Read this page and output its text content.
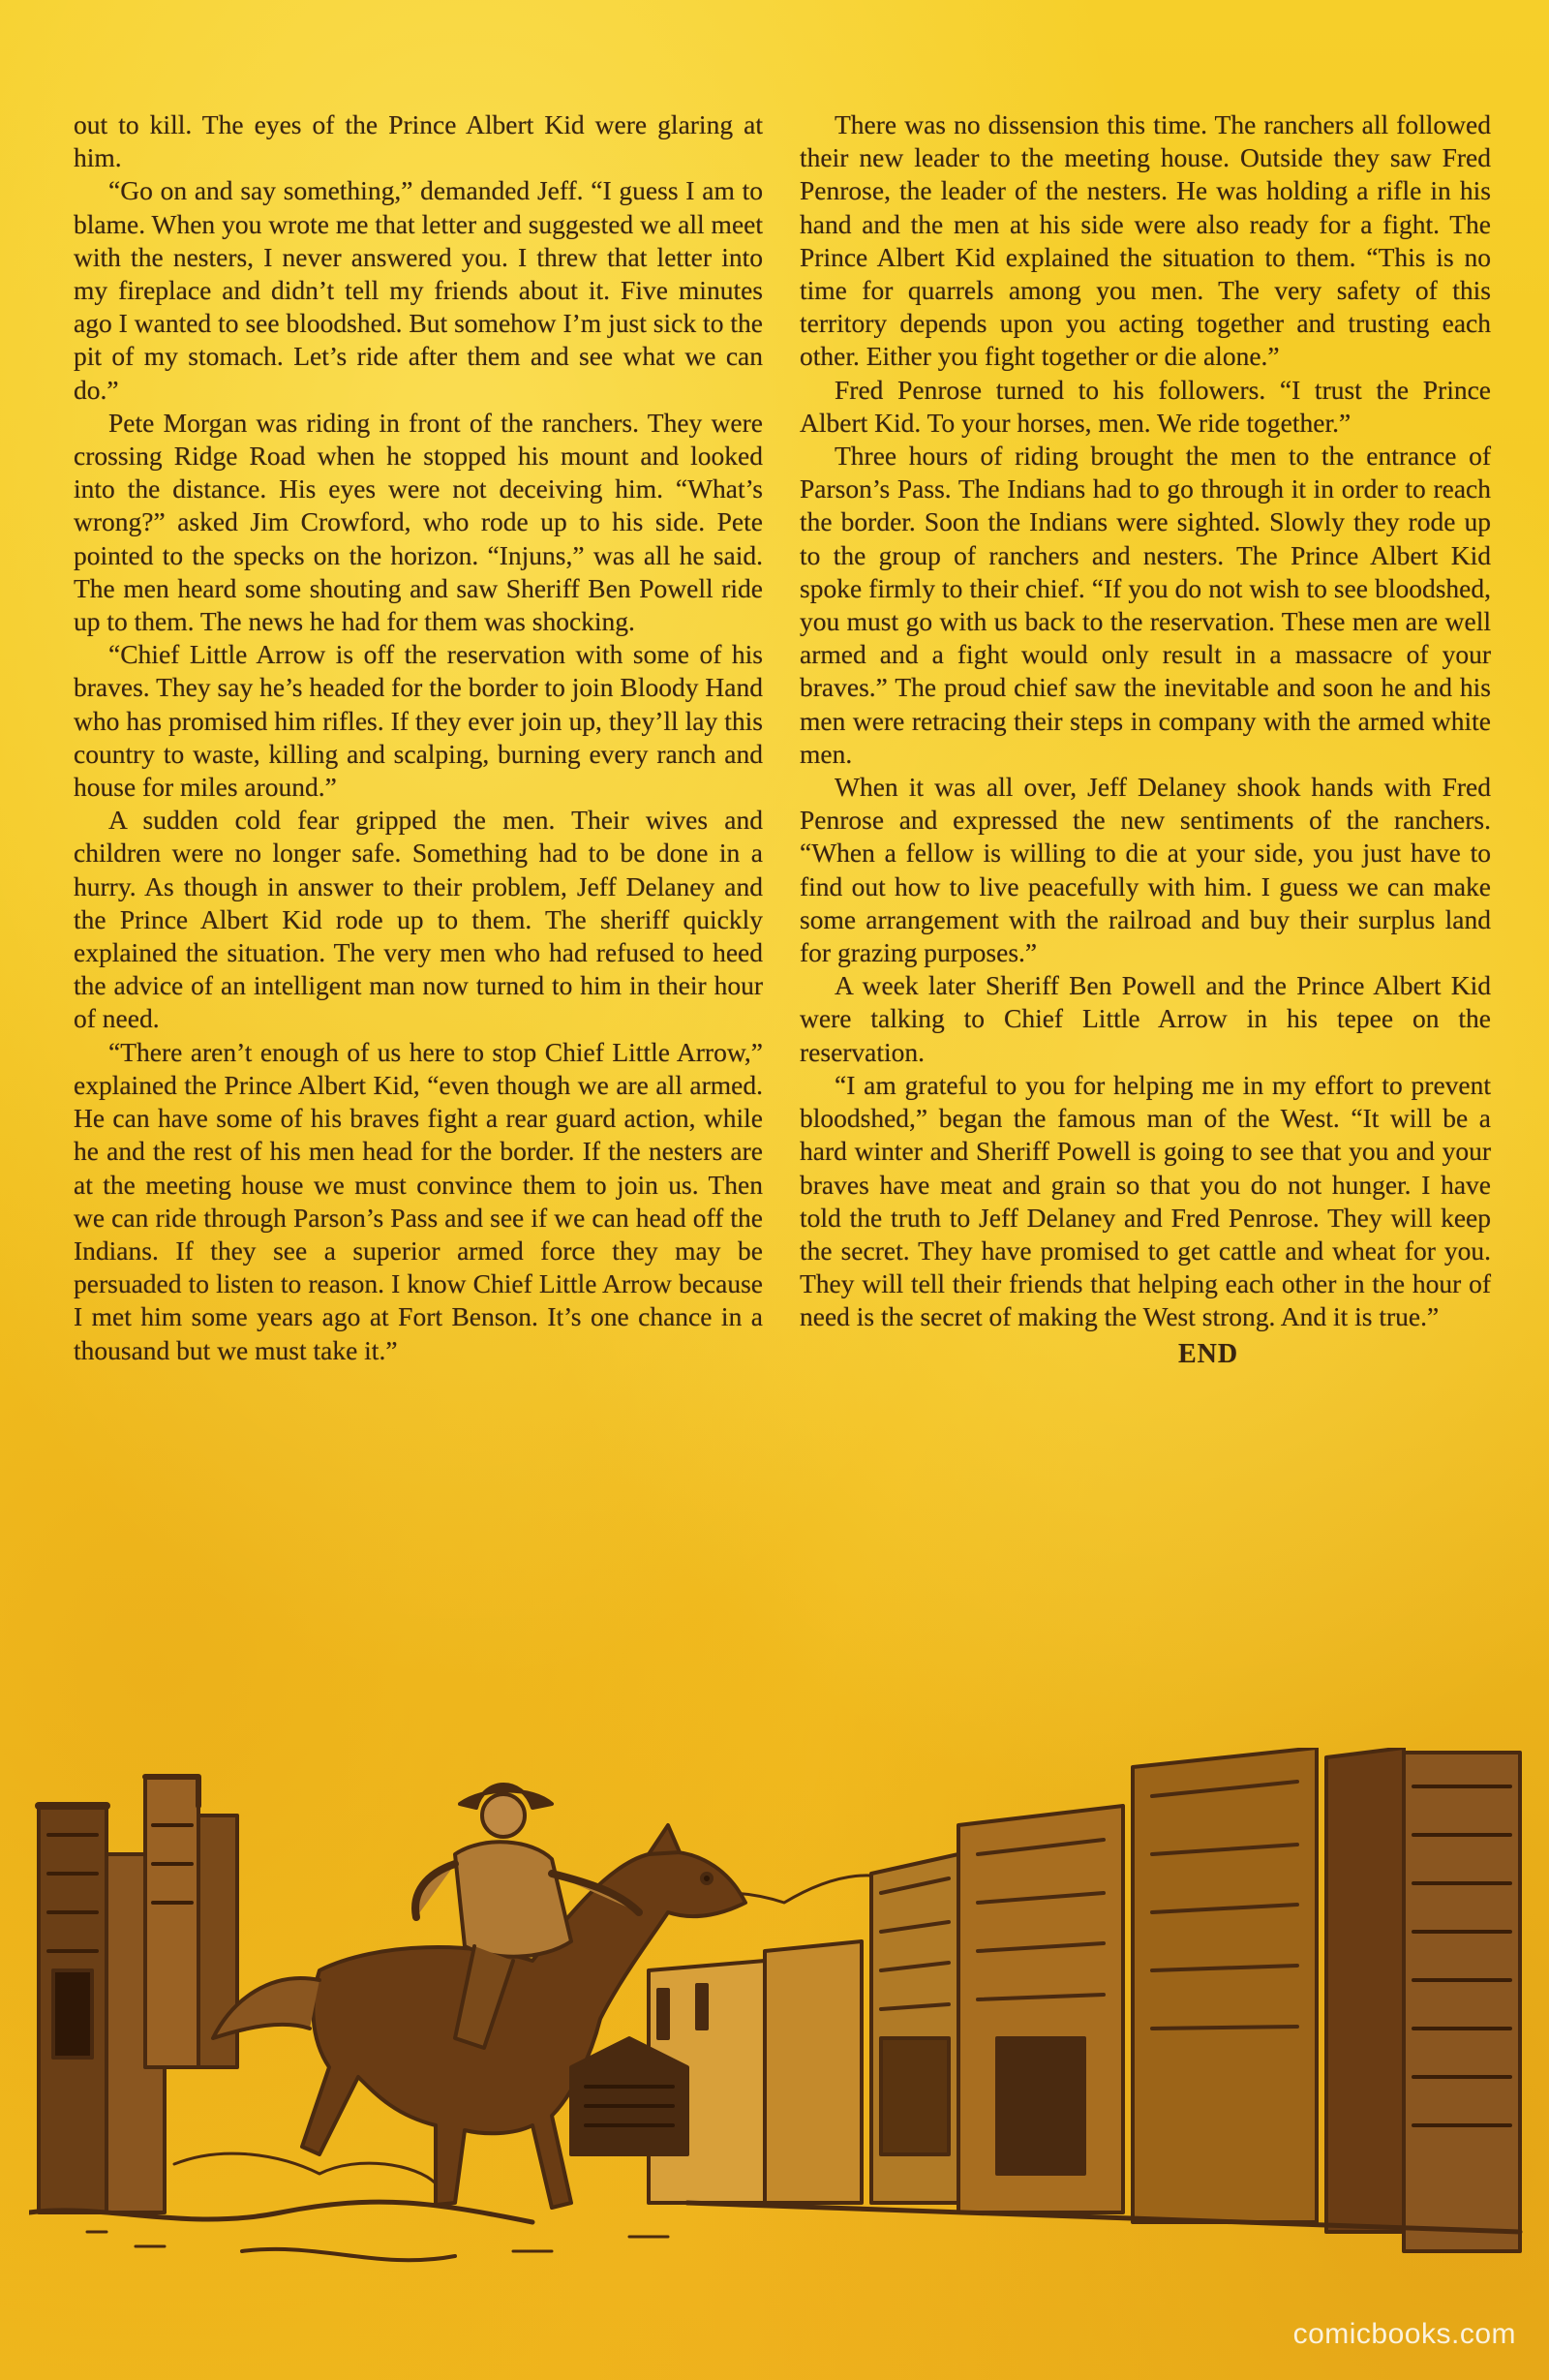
out to kill. The eyes of the Prince Albert Kid were glaring at him.

“Go on and say something,” demanded Jeff. “I guess I am to blame. When you wrote me that letter and suggested we all meet with the nesters, I never answered you. I threw that letter into my fireplace and didn’t tell my friends about it. Five minutes ago I wanted to see bloodshed. But somehow I’m just sick to the pit of my stomach. Let’s ride after them and see what we can do.”

Pete Morgan was riding in front of the ranchers. They were crossing Ridge Road when he stopped his mount and looked into the distance. His eyes were not deceiving him. “What’s wrong?” asked Jim Crowford, who rode up to his side. Pete pointed to the specks on the horizon. “Injuns,” was all he said. The men heard some shouting and saw Sheriff Ben Powell ride up to them. The news he had for them was shocking.

“Chief Little Arrow is off the reservation with some of his braves. They say he’s headed for the border to join Bloody Hand who has promised him rifles. If they ever join up, they’ll lay this country to waste, killing and scalping, burning every ranch and house for miles around.”

A sudden cold fear gripped the men. Their wives and children were no longer safe. Something had to be done in a hurry. As though in answer to their problem, Jeff Delaney and the Prince Albert Kid rode up to them. The sheriff quickly explained the situation. The very men who had refused to heed the advice of an intelligent man now turned to him in their hour of need.

“There aren’t enough of us here to stop Chief Little Arrow,” explained the Prince Albert Kid, “even though we are all armed. He can have some of his braves fight a rear guard action, while he and the rest of his men head for the border. If the nesters are at the meeting house we must convince them to join us. Then we can ride through Parson’s Pass and see if we can head off the Indians. If they see a superior armed force they may be persuaded to listen to reason. I know Chief Little Arrow because I met him some years ago at Fort Benson. It’s one chance in a thousand but we must take it.”

There was no dissension this time. The ranchers all followed their new leader to the meeting house. Outside they saw Fred Penrose, the leader of the nesters. He was holding a rifle in his hand and the men at his side were also ready for a fight. The Prince Albert Kid explained the situation to them. “This is no time for quarrels among you men. The very safety of this territory depends upon you acting together and trusting each other. Either you fight together or die alone.”

Fred Penrose turned to his followers. “I trust the Prince Albert Kid. To your horses, men. We ride together.”

Three hours of riding brought the men to the entrance of Parson’s Pass. The Indians had to go through it in order to reach the border. Soon the Indians were sighted. Slowly they rode up to the group of ranchers and nesters. The Prince Albert Kid spoke firmly to their chief. “If you do not wish to see bloodshed, you must go with us back to the reservation. These men are well armed and a fight would only result in a massacre of your braves.” The proud chief saw the inevitable and soon he and his men were retracing their steps in company with the armed white men.

When it was all over, Jeff Delaney shook hands with Fred Penrose and expressed the new sentiments of the ranchers. “When a fellow is willing to die at your side, you just have to find out how to live peacefully with him. I guess we can make some arrangement with the railroad and buy their surplus land for grazing purposes.”

A week later Sheriff Ben Powell and the Prince Albert Kid were talking to Chief Little Arrow in his tepee on the reservation.

“I am grateful to you for helping me in my effort to prevent bloodshed,” began the famous man of the West. “It will be a hard winter and Sheriff Powell is going to see that you and your braves have meat and grain so that you do not hunger. I have told the truth to Jeff Delaney and Fred Penrose. They will keep the secret. They have promised to get cattle and wheat for you. They will tell their friends that helping each other in the hour of need is the secret of making the West strong. And it is true.”

END
comicbooks.com
